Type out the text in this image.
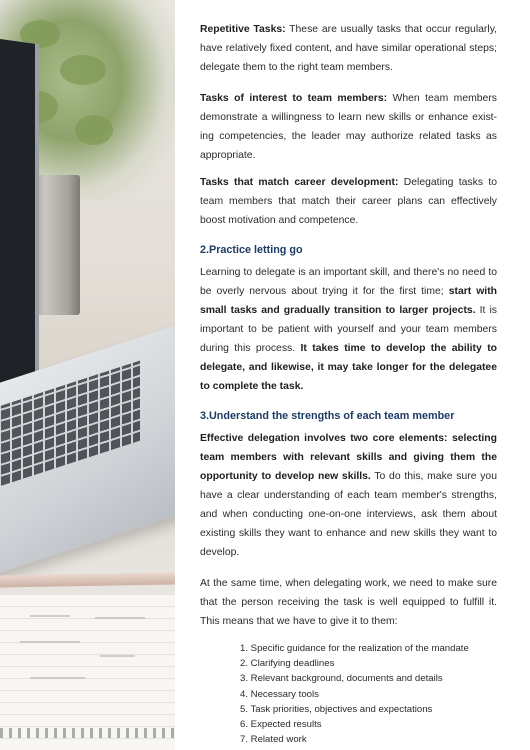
Repetitive Tasks: These are usually tasks that occur regularly, have relatively fixed content, and have similar operational steps; delegate them to the right team members.

Tasks of interest to team members: When team members demonstrate a willingness to learn new skills or enhance exist-ing competencies, the leader may authorize related tasks as appropriate.

Tasks that match career development: Delegating tasks to team members that match their career plans can effectively boost motivation and competence.

2.Practice letting go

Learning to delegate is an important skill, and there's no need to be overly nervous about trying it for the first time; start with small tasks and gradually transition to larger projects. It is important to be patient with yourself and your team members during this process. It takes time to develop the ability to delegate, and likewise, it may take longer for the delegatee to complete the task.

3.Understand the strengths of each team member

Effective delegation involves two core elements: selecting team members with relevant skills and giving them the opportunity to develop new skills. To do this, make sure you have a clear understanding of each team member's strengths, and when conducting one-on-one interviews, ask them about existing skills they want to enhance and new skills they want to develop.

At the same time, when delegating work, we need to make sure that the person receiving the task is well equipped to fulfill it. This means that we have to give it to them:

1. Specific guidance for the realization of the mandate
2. Clarifying deadlines
3. Relevant background, documents and details
4. Necessary tools
5. Task priorities, objectives and expectations
6. Expected results
7. Related work
